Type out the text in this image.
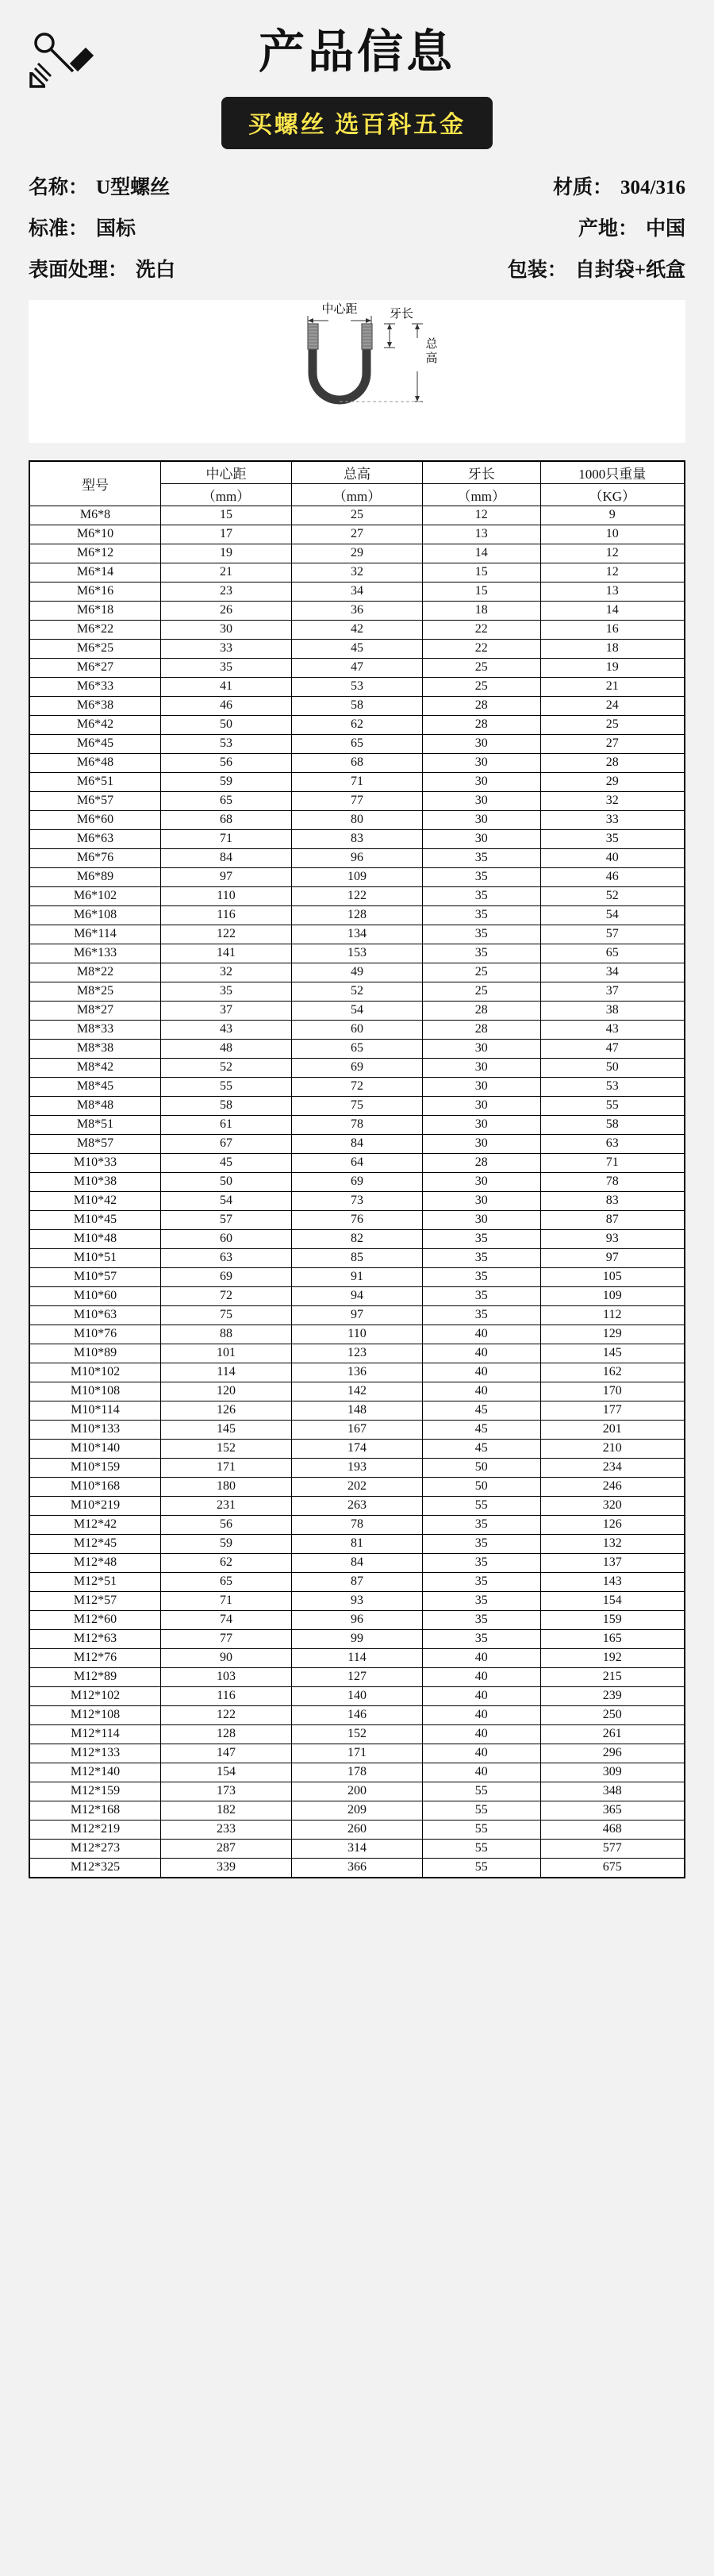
产品信息
买螺丝 选百科五金
名称： U型螺丝	材质： 304/316
标准： 国标	产地： 中国
表面处理： 洗白	包装： 自封袋+纸盒
中心距	牙长
总
高
型号	中心距	总高	牙长	1000只重量
	（mm）	（mm）	（mm）	（KG）
M6*8	15	25	12	9
M6*10	17	27	13	10
M6*12	19	29	14	12
M6*14	21	32	15	12
M6*16	23	34	15	13
M6*18	26	36	18	14
M6*22	30	42	22	16
M6*25	33	45	22	18
M6*27	35	47	25	19
M6*33	41	53	25	21
M6*38	46	58	28	24
M6*42	50	62	28	25
M6*45	53	65	30	27
M6*48	56	68	30	28
M6*51	59	71	30	29
M6*57	65	77	30	32
M6*60	68	80	30	33
M6*63	71	83	30	35
M6*76	84	96	35	40
M6*89	97	109	35	46
M6*102	110	122	35	52
M6*108	116	128	35	54
M6*114	122	134	35	57
M6*133	141	153	35	65
M8*22	32	49	25	34
M8*25	35	52	25	37
M8*27	37	54	28	38
M8*33	43	60	28	43
M8*38	48	65	30	47
M8*42	52	69	30	50
M8*45	55	72	30	53
M8*48	58	75	30	55
M8*51	61	78	30	58
M8*57	67	84	30	63
M10*33	45	64	28	71
M10*38	50	69	30	78
M10*42	54	73	30	83
M10*45	57	76	30	87
M10*48	60	82	35	93
M10*51	63	85	35	97
M10*57	69	91	35	105
M10*60	72	94	35	109
M10*63	75	97	35	112
M10*76	88	110	40	129
M10*89	101	123	40	145
M10*102	114	136	40	162
M10*108	120	142	40	170
M10*114	126	148	45	177
M10*133	145	167	45	201
M10*140	152	174	45	210
M10*159	171	193	50	234
M10*168	180	202	50	246
M10*219	231	263	55	320
M12*42	56	78	35	126
M12*45	59	81	35	132
M12*48	62	84	35	137
M12*51	65	87	35	143
M12*57	71	93	35	154
M12*60	74	96	35	159
M12*63	77	99	35	165
M12*76	90	114	40	192
M12*89	103	127	40	215
M12*102	116	140	40	239
M12*108	122	146	40	250
M12*114	128	152	40	261
M12*133	147	171	40	296
M12*140	154	178	40	309
M12*159	173	200	55	348
M12*168	182	209	55	365
M12*219	233	260	55	468
M12*273	287	314	55	577
M12*325	339	366	55	675
